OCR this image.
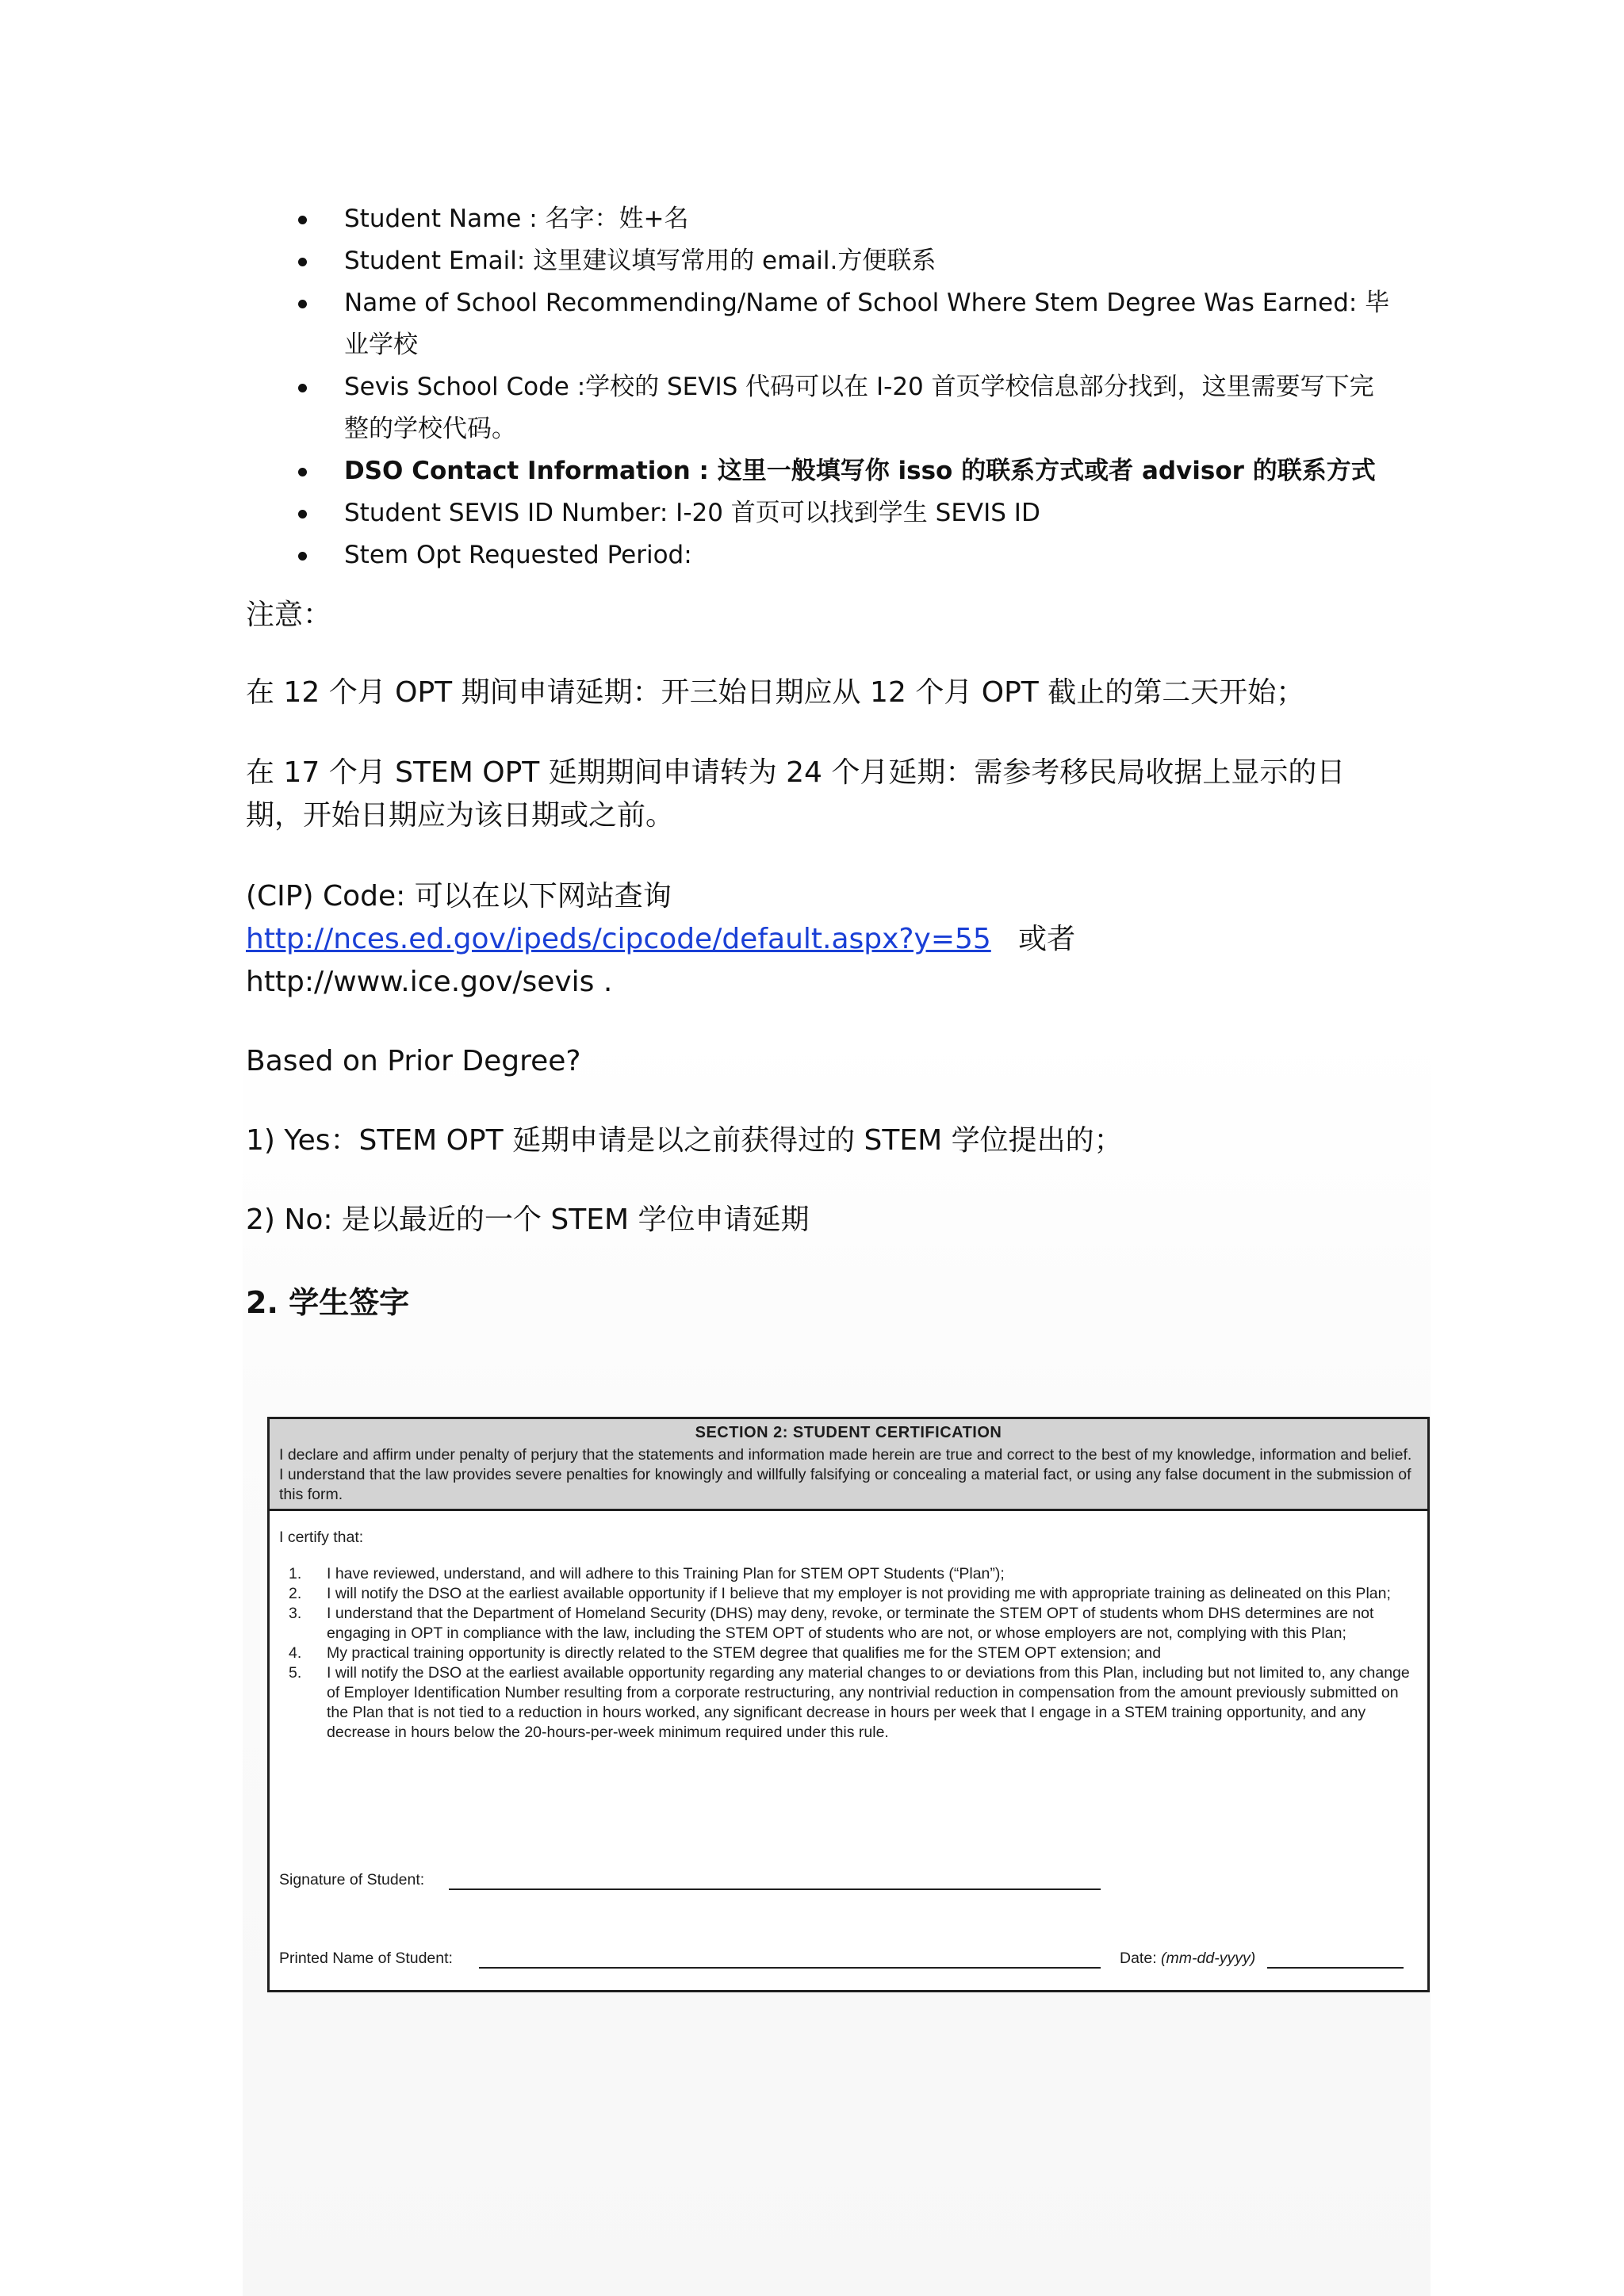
Student Name : 名字：姓+名
Student Email: 这里建议填写常用的 email.方便联系
Name of School Recommending/Name of School Where Stem Degree Was Earned: 毕业学校
Sevis School Code :学校的 SEVIS 代码可以在 I-20 首页学校信息部分找到，这里需要写下完整的学校代码。
DSO Contact Information : 这里一般填写你 isso 的联系方式或者 advisor 的联系方式
Student SEVIS ID Number: I-20 首页可以找到学生 SEVIS ID
Stem Opt Requested Period:

注意：

在 12 个月 OPT 期间申请延期：开三始日期应从 12 个月 OPT 截止的第二天开始；

在 17 个月 STEM OPT 延期期间申请转为 24 个月延期：需参考移民局收据上显示的日期，开始日期应为该日期或之前。

(CIP) Code: 可以在以下网站查询

http://nces.ed.gov/ipeds/cipcode/default.aspx?y=55 或者

http://www.ice.gov/sevis .

Based on Prior Degree?

1) Yes：STEM OPT 延期申请是以之前获得过的 STEM 学位提出的；

2) No: 是以最近的一个 STEM 学位申请延期

2. 学生签字

SECTION 2: STUDENT CERTIFICATION
I declare and affirm under penalty of perjury that the statements and information made herein are true and correct to the best of my knowledge, information and belief. I understand that the law provides severe penalties for knowingly and willfully falsifying or concealing a material fact, or using any false document in the submission of this form.
I certify that:
1. I have reviewed, understand, and will adhere to this Training Plan for STEM OPT Students (“Plan”);
2. I will notify the DSO at the earliest available opportunity if I believe that my employer is not providing me with appropriate training as delineated on this Plan;
3. I understand that the Department of Homeland Security (DHS) may deny, revoke, or terminate the STEM OPT of students whom DHS determines are not engaging in OPT in compliance with the law, including the STEM OPT of students who are not, or whose employers are not, complying with this Plan;
4. My practical training opportunity is directly related to the STEM degree that qualifies me for the STEM OPT extension; and
5. I will notify the DSO at the earliest available opportunity regarding any material changes to or deviations from this Plan, including but not limited to, any change of Employer Identification Number resulting from a corporate restructuring, any nontrivial reduction in compensation from the amount previously submitted on the Plan that is not tied to a reduction in hours worked, any significant decrease in hours per week that I engage in a STEM training opportunity, and any decrease in hours below the 20-hours-per-week minimum required under this rule.
Signature of Student:
Printed Name of Student:	Date: (mm-dd-yyyy)
